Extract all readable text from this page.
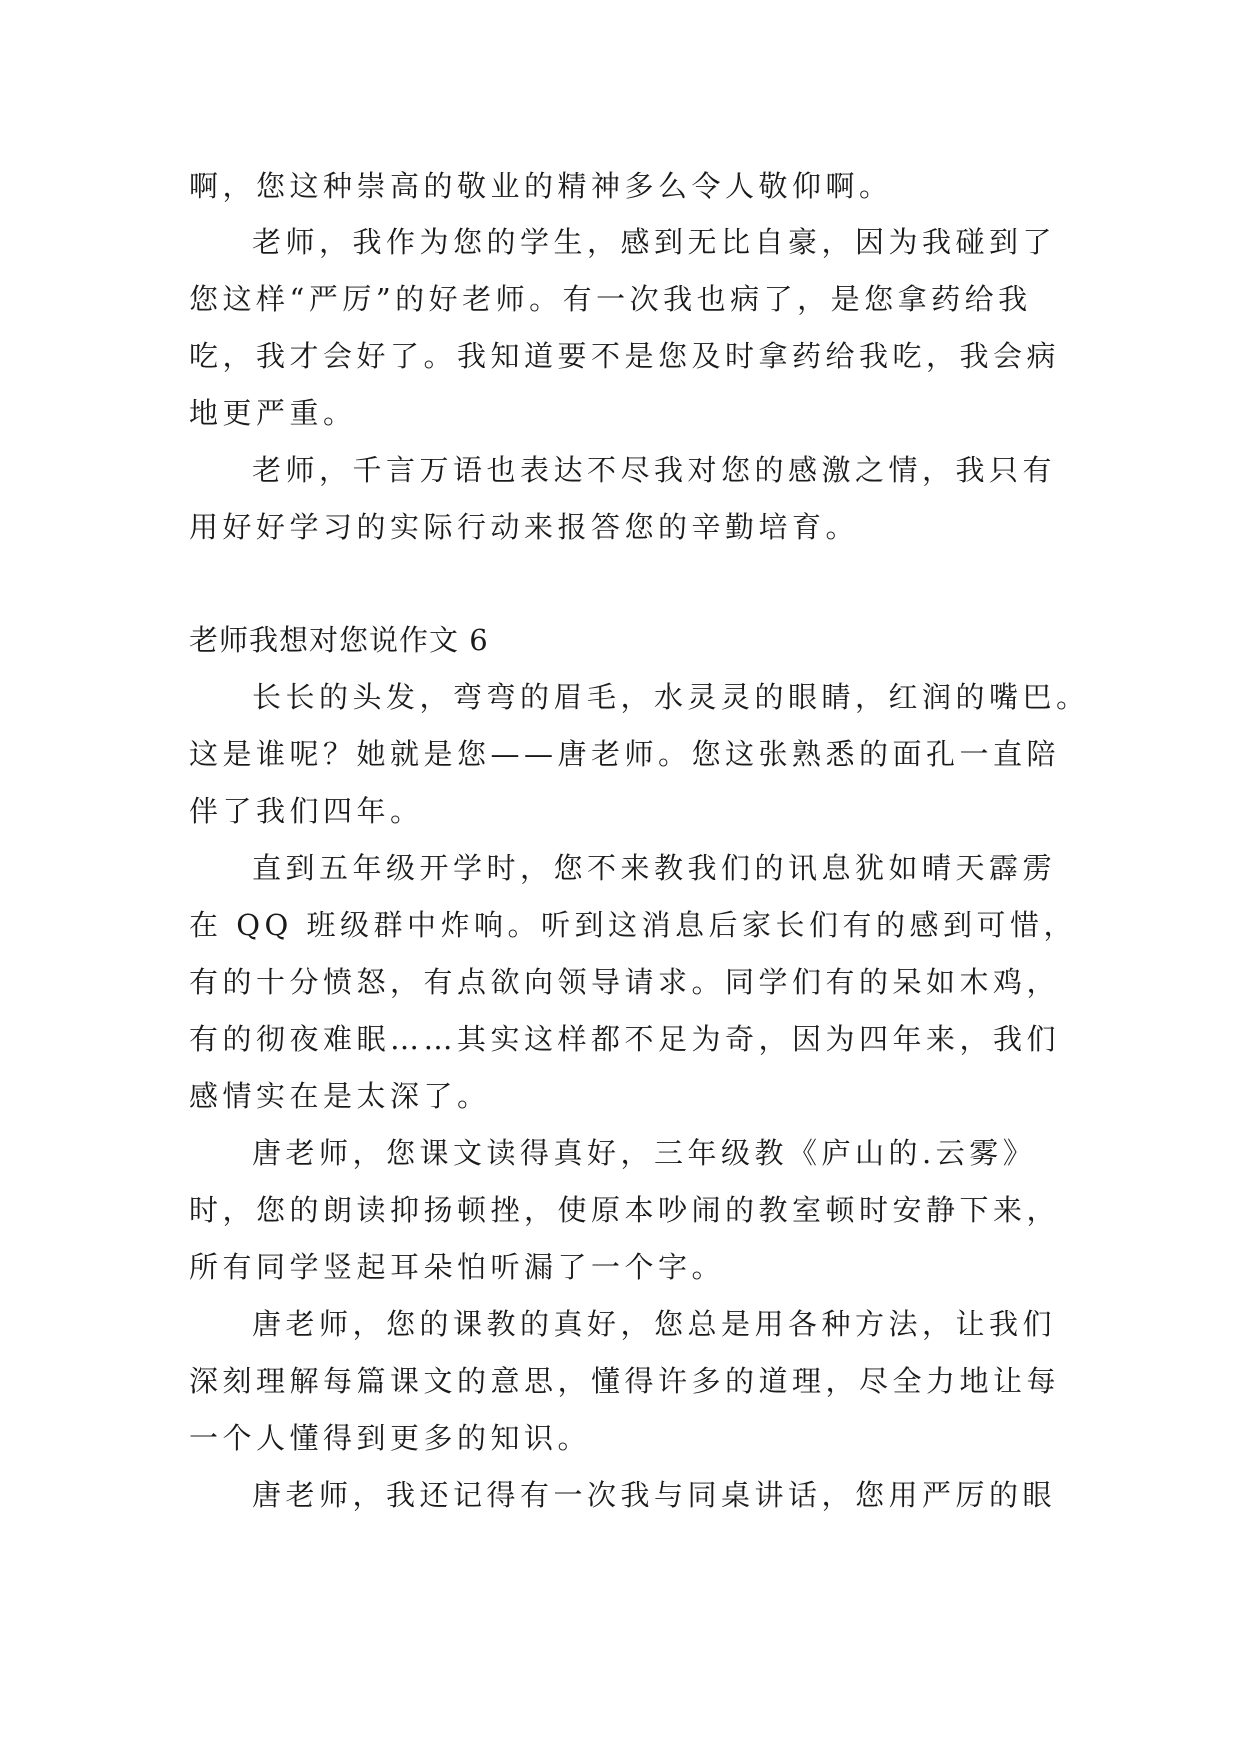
啊，您这种崇高的敬业的精神多么令人敬仰啊。
老师，我作为您的学生，感到无比自豪，因为我碰到了
您这样“严厉”的好老师。有一次我也病了，是您拿药给我
吃，我才会好了。我知道要不是您及时拿药给我吃，我会病
地更严重。
老师，千言万语也表达不尽我对您的感激之情，我只有
用好好学习的实际行动来报答您的辛勤培育。
老师我想对您说作文 6
长长的头发，弯弯的眉毛，水灵灵的眼睛，红润的嘴巴。
这是谁呢？她就是您——唐老师。您这张熟悉的面孔一直陪
伴了我们四年。
直到五年级开学时，您不来教我们的讯息犹如晴天霹雳
在 QQ 班级群中炸响。听到这消息后家长们有的感到可惜，
有的十分愤怒，有点欲向领导请求。同学们有的呆如木鸡，
有的彻夜难眠……其实这样都不足为奇，因为四年来，我们
感情实在是太深了。
唐老师，您课文读得真好，三年级教《庐山的.云雾》
时，您的朗读抑扬顿挫，使原本吵闹的教室顿时安静下来，
所有同学竖起耳朵怕听漏了一个字。
唐老师，您的课教的真好，您总是用各种方法，让我们
深刻理解每篇课文的意思，懂得许多的道理，尽全力地让每
一个人懂得到更多的知识。
唐老师，我还记得有一次我与同桌讲话，您用严厉的眼
